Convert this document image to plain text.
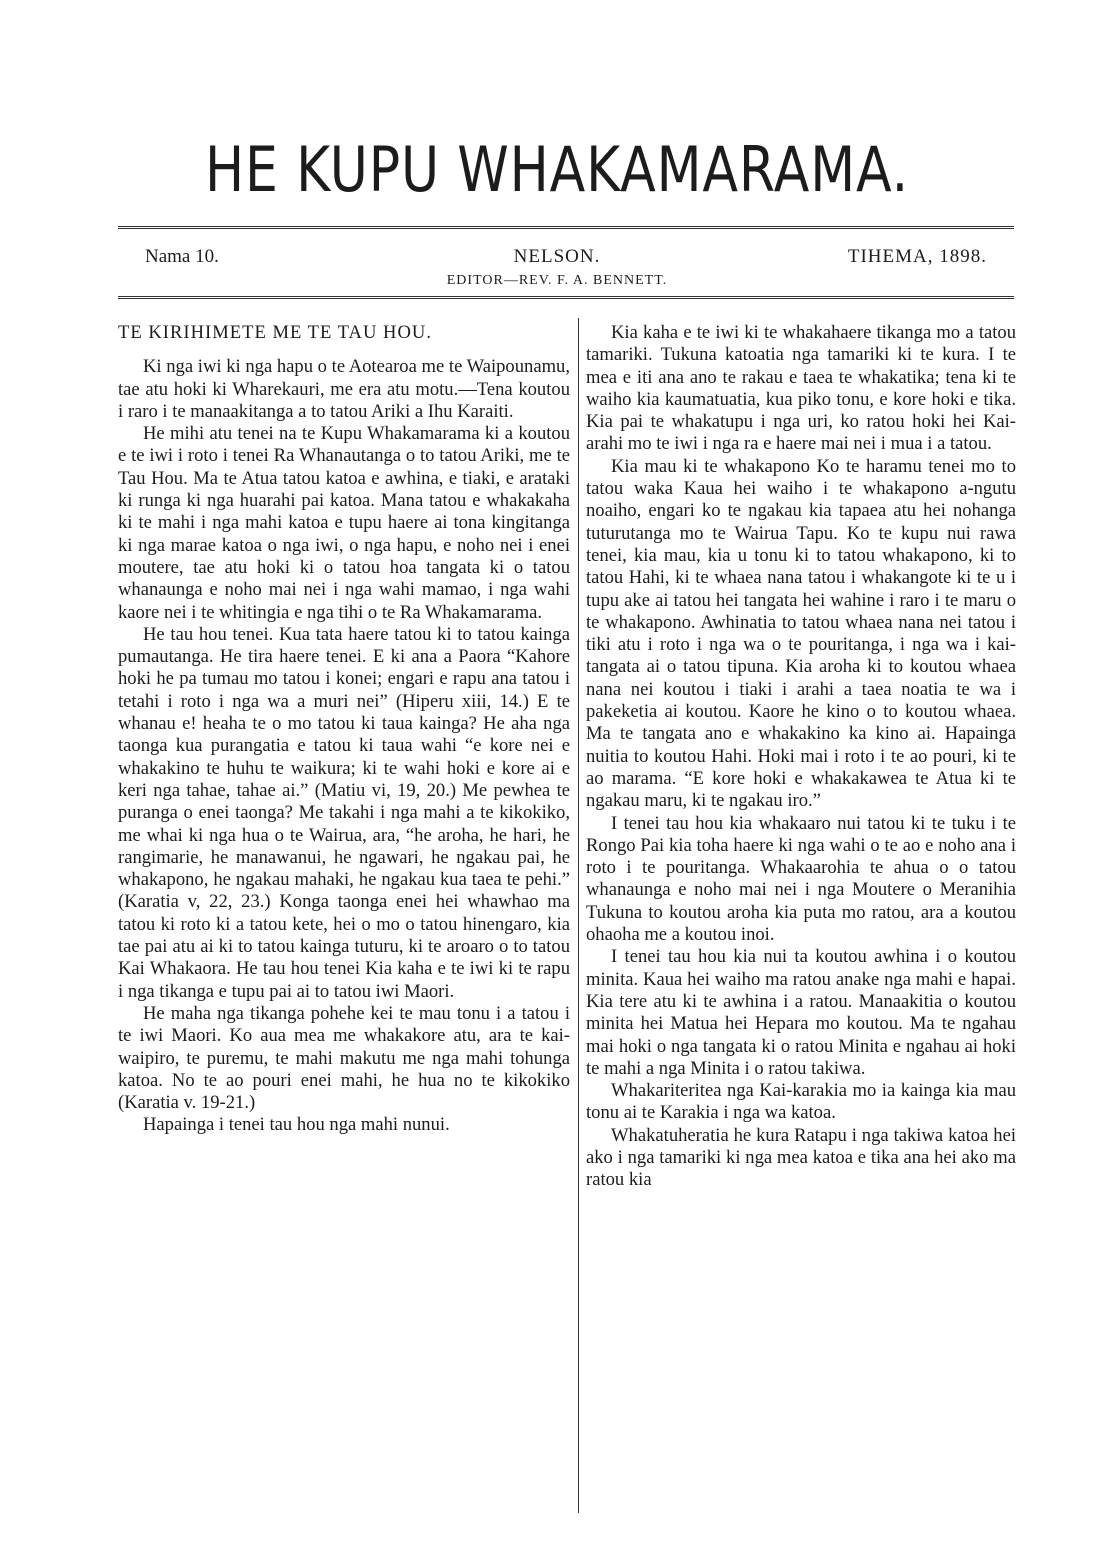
HE KUPU WHAKAMARAMA.
Nama 10.	NELSON.	TIHEMA, 1898.
EDITOR—REV. F. A. BENNETT.
TE KIRIHIMETE ME TE TAU HOU.

Ki nga iwi ki nga hapu o te Aotearoa me te Waipounamu, tae atu hoki ki Wharekauri, me era atu motu.—Tena koutou i raro i te manaakitanga a to tatou Ariki a Ihu Karaiti.

He mihi atu tenei na te Kupu Whakamarama ki a koutou e te iwi i roto i tenei Ra Whanautanga o to tatou Ariki, me te Tau Hou. Ma te Atua tatou katoa e awhina, e tiaki, e arataki ki runga ki nga huarahi pai katoa. Mana tatou e whakakaha ki te mahi i nga mahi katoa e tupu haere ai tona kingitanga ki nga marae katoa o nga iwi, o nga hapu, e noho nei i enei moutere, tae atu hoki ki o tatou hoa tangata ki o tatou whanaunga e noho mai nei i nga wahi mamao, i nga wahi kaore nei i te whitingia e nga tihi o te Ra Whakamarama.

He tau hou tenei. Kua tata haere tatou ki to tatou kainga pumautanga. He tira haere tenei. E ki ana a Paora “Kahore hoki he pa tumau mo tatou i konei; engari e rapu ana tatou i tetahi i roto i nga wa a muri nei” (Hiperu xiii, 14.) E te whanau e! heaha te o mo tatou ki taua kainga? He aha nga taonga kua purangatia e tatou ki taua wahi “e kore nei e whakakino te huhu te waikura; ki te wahi hoki e kore ai e keri nga tahae, tahae ai.” (Matiu vi, 19, 20.) Me pewhea te puranga o enei taonga? Me takahi i nga mahi a te kikokiko, me whai ki nga hua o te Wairua, ara, “he aroha, he hari, he rangimarie, he manawanui, he ngawari, he ngakau pai, he whakapono, he ngakau mahaki, he ngakau kua taea te pehi.” (Karatia v, 22, 23.) Konga taonga enei hei whawhao ma tatou ki roto ki a tatou kete, hei o mo o tatou hinengaro, kia tae pai atu ai ki to tatou kainga tuturu, ki te aroaro o to tatou Kai Whakaora. He tau hou tenei Kia kaha e te iwi ki te rapu i nga tikanga e tupu pai ai to tatou iwi Maori.

He maha nga tikanga pohehe kei te mau tonu i a tatou i te iwi Maori. Ko aua mea me whakakore atu, ara te kai-waipiro, te puremu, te mahi makutu me nga mahi tohunga katoa. No te ao pouri enei mahi, he hua no te kikokiko (Karatia v. 19-21.)

Hapainga i tenei tau hou nga mahi nunui.

Kia kaha e te iwi ki te whakahaere tikanga mo a tatou tamariki. Tukuna katoatia nga tamariki ki te kura. I te mea e iti ana ano te rakau e taea te whakatika; tena ki te waiho kia kaumatuatia, kua piko tonu, e kore hoki e tika. Kia pai te whakatupu i nga uri, ko ratou hoki hei Kai-arahi mo te iwi i nga ra e haere mai nei i mua i a tatou.

Kia mau ki te whakapono Ko te haramu tenei mo to tatou waka Kaua hei waiho i te whakapono a-ngutu noaiho, engari ko te ngakau kia tapaea atu hei nohanga tuturutanga mo te Wairua Tapu. Ko te kupu nui rawa tenei, kia mau, kia u tonu ki to tatou whakapono, ki to tatou Hahi, ki te whaea nana tatou i whakangote ki te u i tupu ake ai tatou hei tangata hei wahine i raro i te maru o te whakapono. Awhinatia to tatou whaea nana nei tatou i tiki atu i roto i nga wa o te pouritanga, i nga wa i kai-tangata ai o tatou tipuna. Kia aroha ki to koutou whaea nana nei koutou i tiaki i arahi a taea noatia te wa i pakeketia ai koutou. Kaore he kino o to koutou whaea. Ma te tangata ano e whakakino ka kino ai. Hapainga nuitia to koutou Hahi. Hoki mai i roto i te ao pouri, ki te ao marama. “E kore hoki e whakakawea te Atua ki te ngakau maru, ki te ngakau iro.”

I tenei tau hou kia whakaaro nui tatou ki te tuku i te Rongo Pai kia toha haere ki nga wahi o te ao e noho ana i roto i te pouritanga. Whakaarohia te ahua o o tatou whanaunga e noho mai nei i nga Moutere o Meranihia Tukuna to koutou aroha kia puta mo ratou, ara a koutou ohaoha me a koutou inoi.

I tenei tau hou kia nui ta koutou awhina i o koutou minita. Kaua hei waiho ma ratou anake nga mahi e hapai. Kia tere atu ki te awhina i a ratou. Manaakitia o koutou minita hei Matua hei Hepara mo koutou. Ma te ngahau mai hoki o nga tangata ki o ratou Minita e ngahau ai hoki te mahi a nga Minita i o ratou takiwa.

Whakariteritea nga Kai-karakia mo ia kainga kia mau tonu ai te Karakia i nga wa katoa.

Whakatuheratia he kura Ratapu i nga takiwa katoa hei ako i nga tamariki ki nga mea katoa e tika ana hei ako ma ratou kia
